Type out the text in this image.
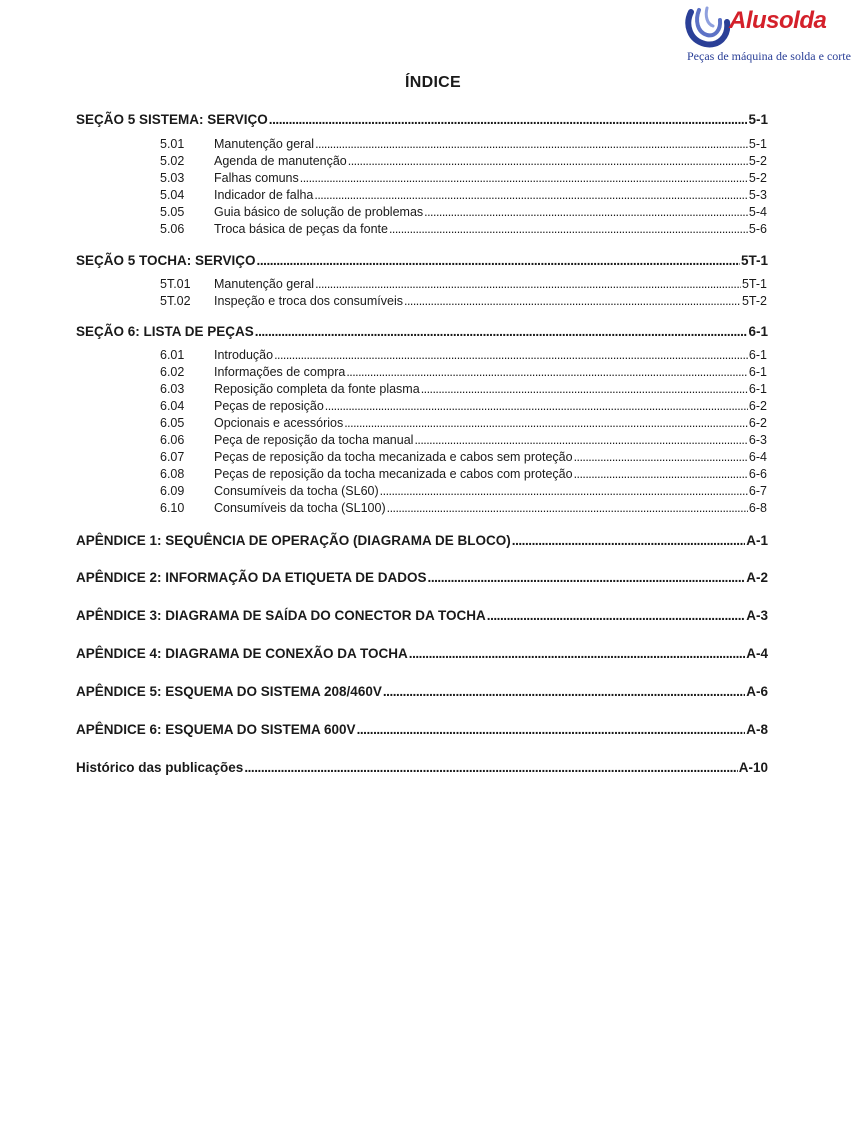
Alusolda
Peças de máquina de solda e corte
ÍNDICE
SEÇÃO 5 SISTEMA: SERVIÇO . . .	5-1
5.01	Manutenção geral . . .	5-1
5.02	Agenda de manutenção . . .	5-2
5.03	Falhas comuns . . .	5-2
5.04	Indicador de falha . . .	5-3
5.05	Guia básico de solução de problemas . . .	5-4
5.06	Troca básica de peças da fonte . . .	5-6
SEÇÃO 5 TOCHA: SERVIÇO . . .	5T-1
5T.01	Manutenção geral . . .	5T-1
5T.02	Inspeção e troca dos consumíveis . . .	5T-2
SEÇÃO 6: LISTA DE PEÇAS . . .	6-1
6.01	Introdução . . .	6-1
6.02	Informações de compra . . .	6-1
6.03	Reposição completa da fonte plasma . . .	6-1
6.04	Peças de reposição . . .	6-2
6.05	Opcionais e acessórios . . .	6-2
6.06	Peça de reposição da tocha manual . . .	6-3
6.07	Peças de reposição da tocha mecanizada e cabos sem proteção . . .	6-4
6.08	Peças de reposição da tocha mecanizada e cabos com proteção . . .	6-6
6.09	Consumíveis da tocha (SL60) . . .	6-7
6.10	Consumíveis da tocha (SL100) . . .	6-8
APÊNDICE 1: SEQUÊNCIA DE OPERAÇÃO (DIAGRAMA DE BLOCO) . . .	A-1
APÊNDICE 2: INFORMAÇÃO DA ETIQUETA DE DADOS . . .	A-2
APÊNDICE 3: DIAGRAMA DE SAÍDA DO CONECTOR DA TOCHA . . .	A-3
APÊNDICE 4: DIAGRAMA DE CONEXÃO DA TOCHA . . .	A-4
APÊNDICE 5: ESQUEMA DO SISTEMA 208/460V . . .	A-6
APÊNDICE 6: ESQUEMA DO SISTEMA 600V . . .	A-8
Histórico das publicações . . .	A-10
